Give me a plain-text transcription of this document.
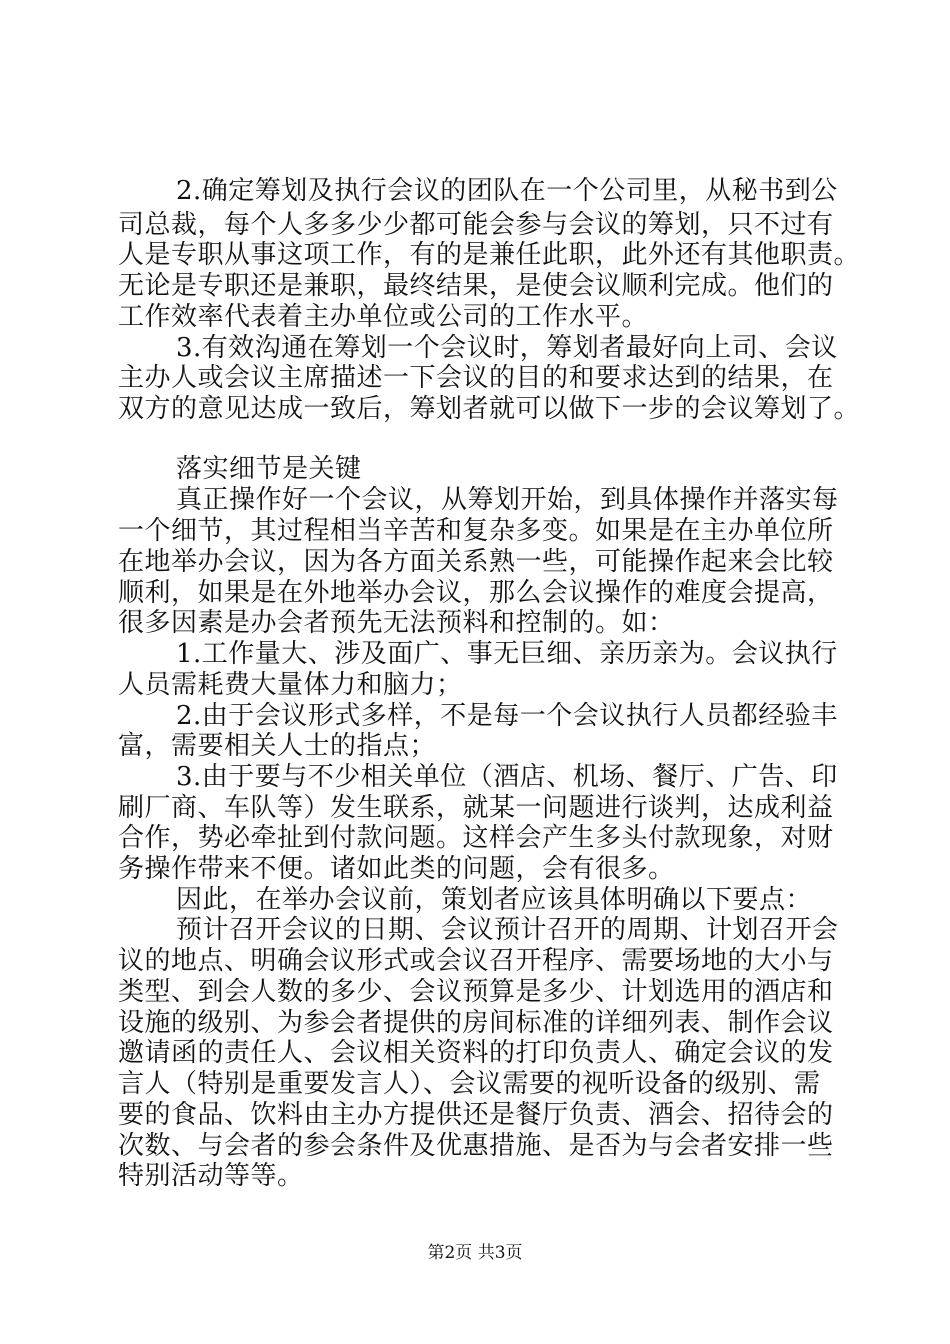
2.确定筹划及执行会议的团队在一个公司里，从秘书到公
司总裁，每个人多多少少都可能会参与会议的筹划，只不过有
人是专职从事这项工作，有的是兼任此职，此外还有其他职责。
无论是专职还是兼职，最终结果，是使会议顺利完成。他们的
工作效率代表着主办单位或公司的工作水平。
3.有效沟通在筹划一个会议时，筹划者最好向上司、会议
主办人或会议主席描述一下会议的目的和要求达到的结果，在
双方的意见达成一致后，筹划者就可以做下一步的会议筹划了。
落实细节是关键
真正操作好一个会议，从筹划开始，到具体操作并落实每
一个细节，其过程相当辛苦和复杂多变。如果是在主办单位所
在地举办会议，因为各方面关系熟一些，可能操作起来会比较
顺利，如果是在外地举办会议，那么会议操作的难度会提高，
很多因素是办会者预先无法预料和控制的。如：
1.工作量大、涉及面广、事无巨细、亲历亲为。会议执行
人员需耗费大量体力和脑力；
2.由于会议形式多样，不是每一个会议执行人员都经验丰
富，需要相关人士的指点；
3.由于要与不少相关单位（酒店、机场、餐厅、广告、印
刷厂商、车队等）发生联系，就某一问题进行谈判，达成利益
合作，势必牵扯到付款问题。这样会产生多头付款现象，对财
务操作带来不便。诸如此类的问题，会有很多。
因此，在举办会议前，策划者应该具体明确以下要点：
预计召开会议的日期、会议预计召开的周期、计划召开会
议的地点、明确会议形式或会议召开程序、需要场地的大小与
类型、到会人数的多少、会议预算是多少、计划选用的酒店和
设施的级别、为参会者提供的房间标准的详细列表、制作会议
邀请函的责任人、会议相关资料的打印负责人、确定会议的发
言人（特别是重要发言人）、会议需要的视听设备的级别、需
要的食品、饮料由主办方提供还是餐厅负责、酒会、招待会的
次数、与会者的参会条件及优惠措施、是否为与会者安排一些
特别活动等等。
第2页 共3页
